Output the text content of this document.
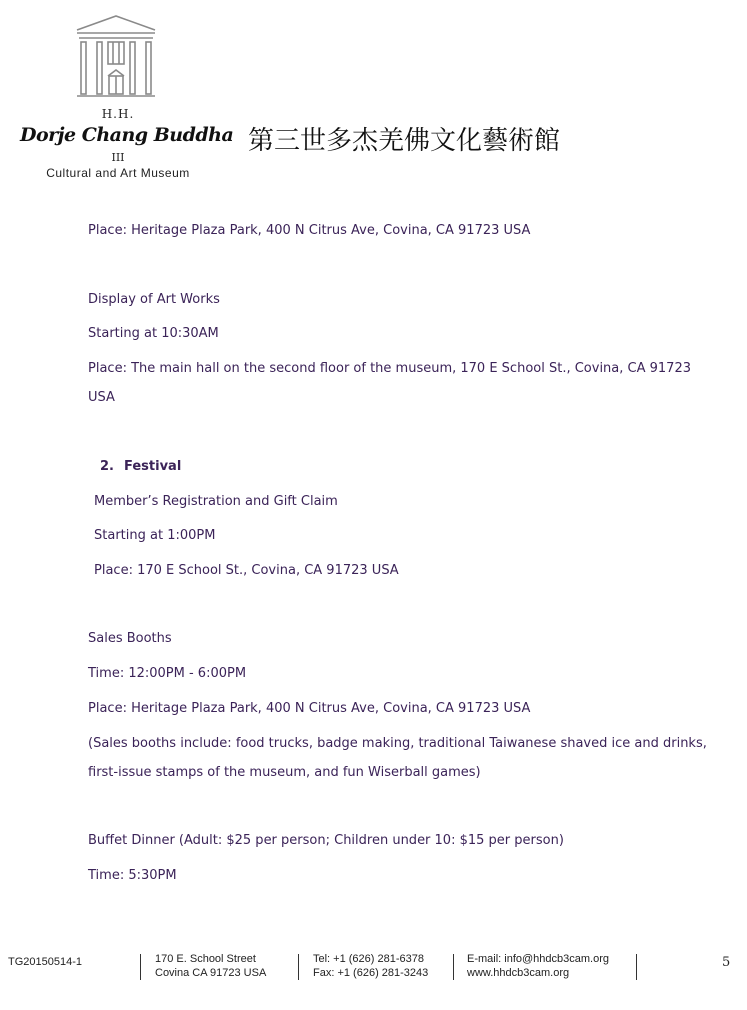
H.H.
Dorje Chang Buddha
III
Cultural and Art Museum
第三世多杰羌佛文化藝術館
Place: Heritage Plaza Park, 400 N Citrus Ave, Covina, CA 91723 USA
Display of Art Works
Starting at 10:30AM
Place: The main hall on the second floor of the museum, 170 E School St., Covina, CA 91723
USA
2. Festival
Member’s Registration and Gift Claim
Starting at 1:00PM
Place: 170 E School St., Covina, CA 91723 USA
Sales Booths
Time: 12:00PM - 6:00PM
Place: Heritage Plaza Park, 400 N Citrus Ave, Covina, CA 91723 USA
(Sales booths include: food trucks, badge making, traditional Taiwanese shaved ice and drinks,
first-issue stamps of the museum, and fun Wiserball games)
Buffet Dinner (Adult: $25 per person; Children under 10: $15 per person)
Time: 5:30PM
TG20150514-1	170 E. School Street
Covina CA 91723 USA
Tel: +1 (626) 281-6378
Fax: +1 (626) 281-3243
E-mail: info@hhdcb3cam.org
www.hhdcb3cam.org
5
